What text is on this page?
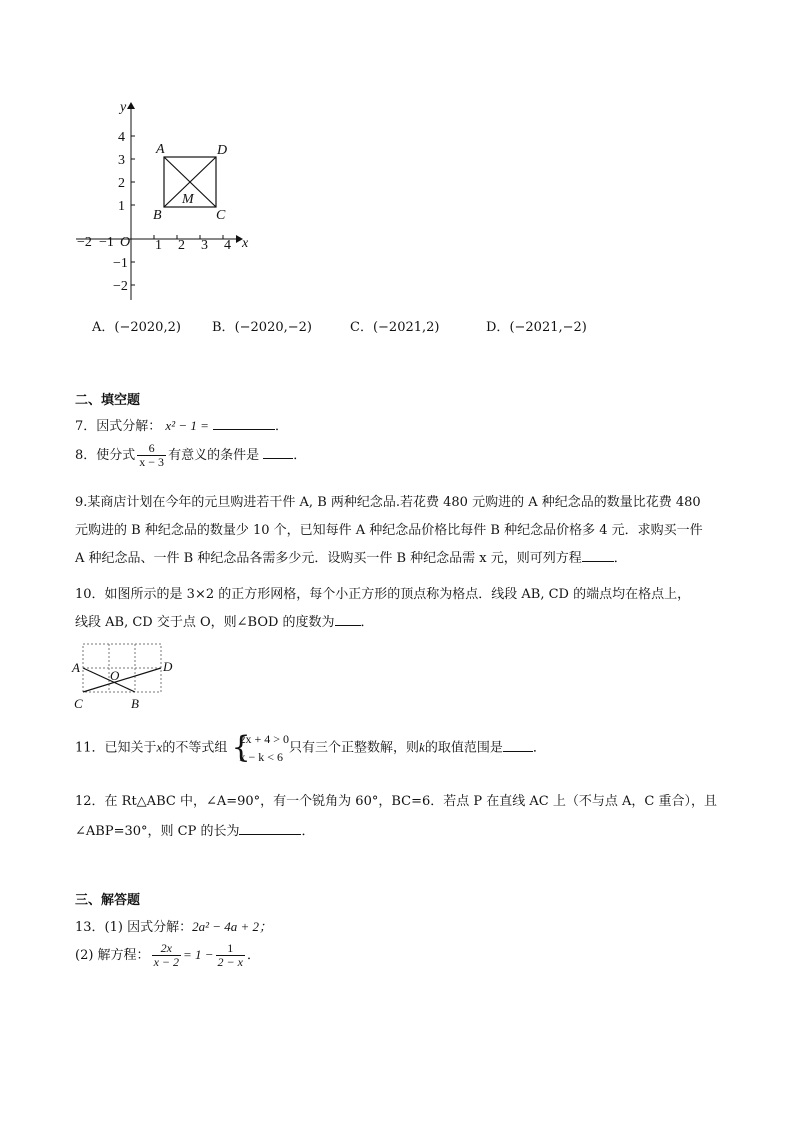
y
x
4
3
2
1
−1
−2
−2 −1 O 1 2 3 4
A	D
B	C
M
A．(−2020,2) B．(−2020,−2)	C．(−2021,2)	D．(−2021,−2)
二、填空题
7．因式分解： x² − 1 =	．
8．使分式 $\frac{6}{x - 3}$ 有意义的条件是	．
9.某商店计划在今年的元旦购进若干件 A, B 两种纪念品.若花费 480 元购进的 A 种纪念品的数量比花费 480
元购进的 B 种纪念品的数量少 10 个，已知每件 A 种纪念品价格比每件 B 种纪念品价格多 4 元．求购买一件
A 种纪念品、一件 B 种纪念品各需多少元．设购买一件 B 种纪念品需 x 元，则可列方程 ．
10．如图所示的是 3×2 的正方形网格，每个小正方形的顶点称为格点．线段 AB, CD 的端点均在格点上，
线段 AB, CD 交于点 O，则∠BOD 的度数为 ．
A	D
O
C	B
11．已知关于x的不等式组 {
2x + 4 > 0
x − k < 6
只有三个正整数解，则k的取值范围是 ．
12．在 Rt△ABC 中，∠A=90°，有一个锐角为 60°，BC=6．若点 P 在直线 AC 上（不与点 A，C 重合），且
∠ABP=30°，则 CP 的长为	．
三、解答题
13．(1) 因式分解：2a² − 4a + 2；
(2) 解方程： $\frac{2x}{x - 2} = 1 - \frac{1}{2 - x}$ ．
